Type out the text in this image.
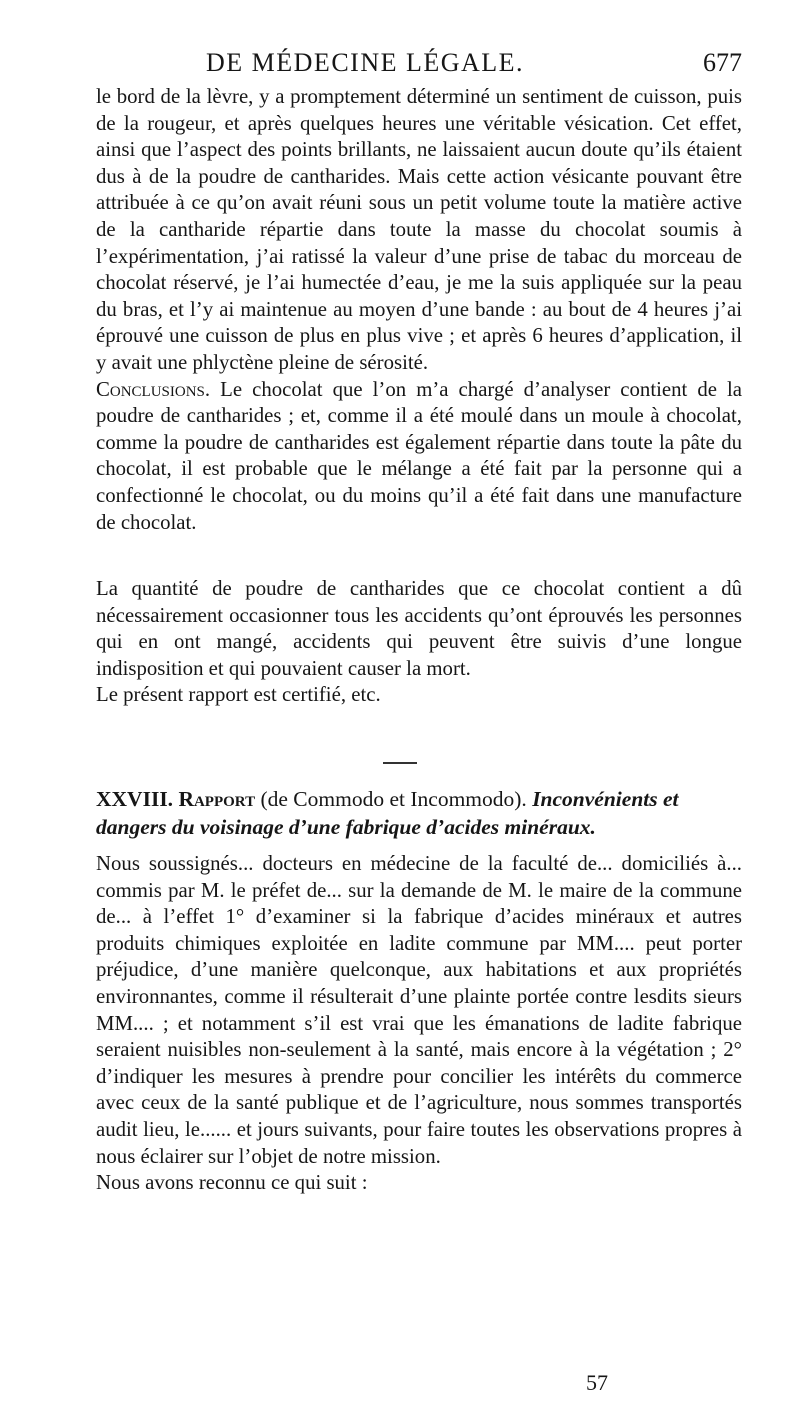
DE MÉDECINE LÉGALE.	677

le bord de la lèvre, y a promptement déterminé un sentiment de cuisson, puis de la rougeur, et après quelques heures une véritable vésication. Cet effet, ainsi que l’aspect des points brillants, ne laissaient aucun doute qu’ils étaient dus à de la poudre de cantharides. Mais cette action vésicante pouvant être attribuée à ce qu’on avait réuni sous un petit volume toute la matière active de la cantharide répartie dans toute la masse du chocolat soumis à l’expérimentation, j’ai ratissé la valeur d’une prise de tabac du morceau de chocolat réservé, je l’ai humectée d’eau, je me la suis appliquée sur la peau du bras, et l’y ai maintenue au moyen d’une bande : au bout de 4 heures j’ai éprouvé une cuisson de plus en plus vive ; et après 6 heures d’application, il y avait une phlyctène pleine de sérosité.

Conclusions. Le chocolat que l’on m’a chargé d’analyser contient de la poudre de cantharides ; et, comme il a été moulé dans un moule à chocolat, comme la poudre de cantharides est également répartie dans toute la pâte du chocolat, il est probable que le mélange a été fait par la personne qui a confectionné le chocolat, ou du moins qu’il a été fait dans une manufacture de chocolat.

La quantité de poudre de cantharides que ce chocolat contient a dû nécessairement occasionner tous les accidents qu’ont éprouvés les personnes qui en ont mangé, accidents qui peuvent être suivis d’une longue indisposition et qui pouvaient causer la mort.

Le présent rapport est certifié, etc.

XXVIII. Rapport (de Commodo et Incommodo). Inconvénients et dangers du voisinage d’une fabrique d’acides minéraux.

Nous soussignés... docteurs en médecine de la faculté de... domiciliés à... commis par M. le préfet de... sur la demande de M. le maire de la commune de... à l’effet 1° d’examiner si la fabrique d’acides minéraux et autres produits chimiques exploitée en ladite commune par MM.... peut porter préjudice, d’une manière quelconque, aux habitations et aux propriétés environnantes, comme il résulterait d’une plainte portée contre lesdits sieurs MM.... ; et notamment s’il est vrai que les émanations de ladite fabrique seraient nuisibles non-seulement à la santé, mais encore à la végétation ; 2° d’indiquer les mesures à prendre pour concilier les intérêts du commerce avec ceux de la santé publique et de l’agriculture, nous sommes transportés audit lieu, le...... et jours suivants, pour faire toutes les observations propres à nous éclairer sur l’objet de notre mission.

Nous avons reconnu ce qui suit :

57
